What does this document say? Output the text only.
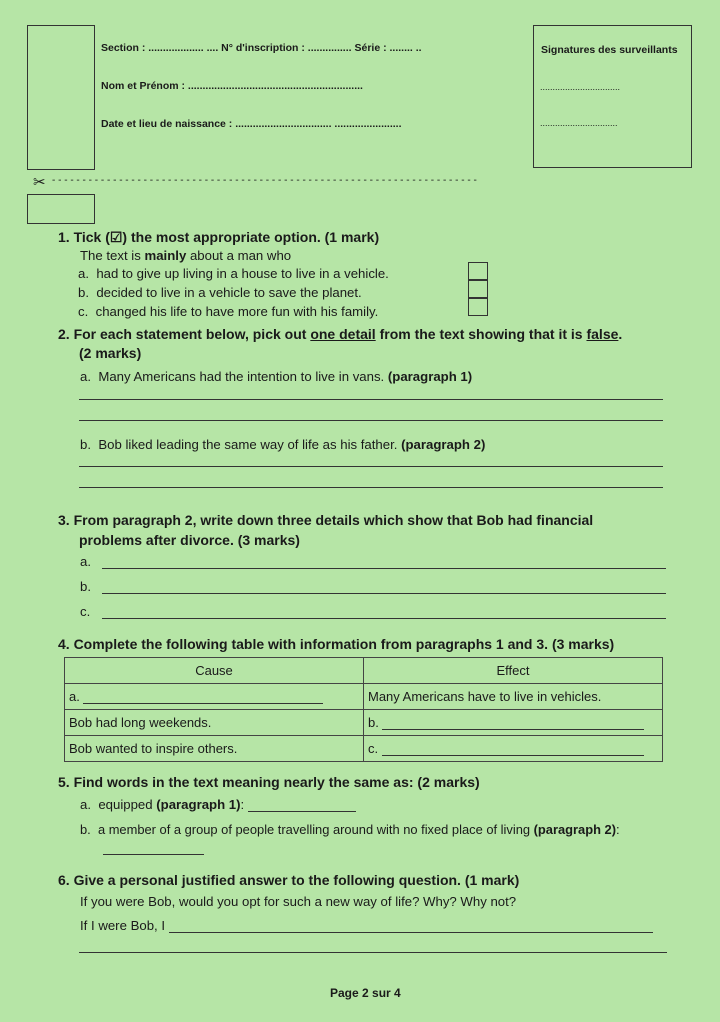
Section : ................... .... N° d'inscription : ............... Série : ........ ..
Nom et Prénom : ............................................................
Date et lieu de naissance : ................................. .......................
Signatures des surveillants
................................
...............................
✂ - - - - - - - - - - - - - - - - - - - - - - - - - - - - - - - - - - - - - - - - - - - - - - - - - - - - - - - - - - - - - - - - - - - - - -
1. Tick (☑) the most appropriate option. (1 mark)
The text is mainly about a man who
a. had to give up living in a house to live in a vehicle.
b. decided to live in a vehicle to save the planet.
c. changed his life to have more fun with his family.
2. For each statement below, pick out one detail from the text showing that it is false.
(2 marks)
a. Many Americans had the intention to live in vans. (paragraph 1)
b. Bob liked leading the same way of life as his father. (paragraph 2)
3. From paragraph 2, write down three details which show that Bob had financial
problems after divorce. (3 marks)
a.
b.
c.
4. Complete the following table with information from paragraphs 1 and 3. (3 marks)
Cause	Effect
a.	Many Americans have to live in vehicles.
Bob had long weekends.	b.
Bob wanted to inspire others.	c.
5. Find words in the text meaning nearly the same as: (2 marks)
a. equipped (paragraph 1):
b. a member of a group of people travelling around with no fixed place of living (paragraph 2):
6. Give a personal justified answer to the following question. (1 mark)
If you were Bob, would you opt for such a new way of life? Why? Why not?
If I were Bob, I
Page 2 sur 4
